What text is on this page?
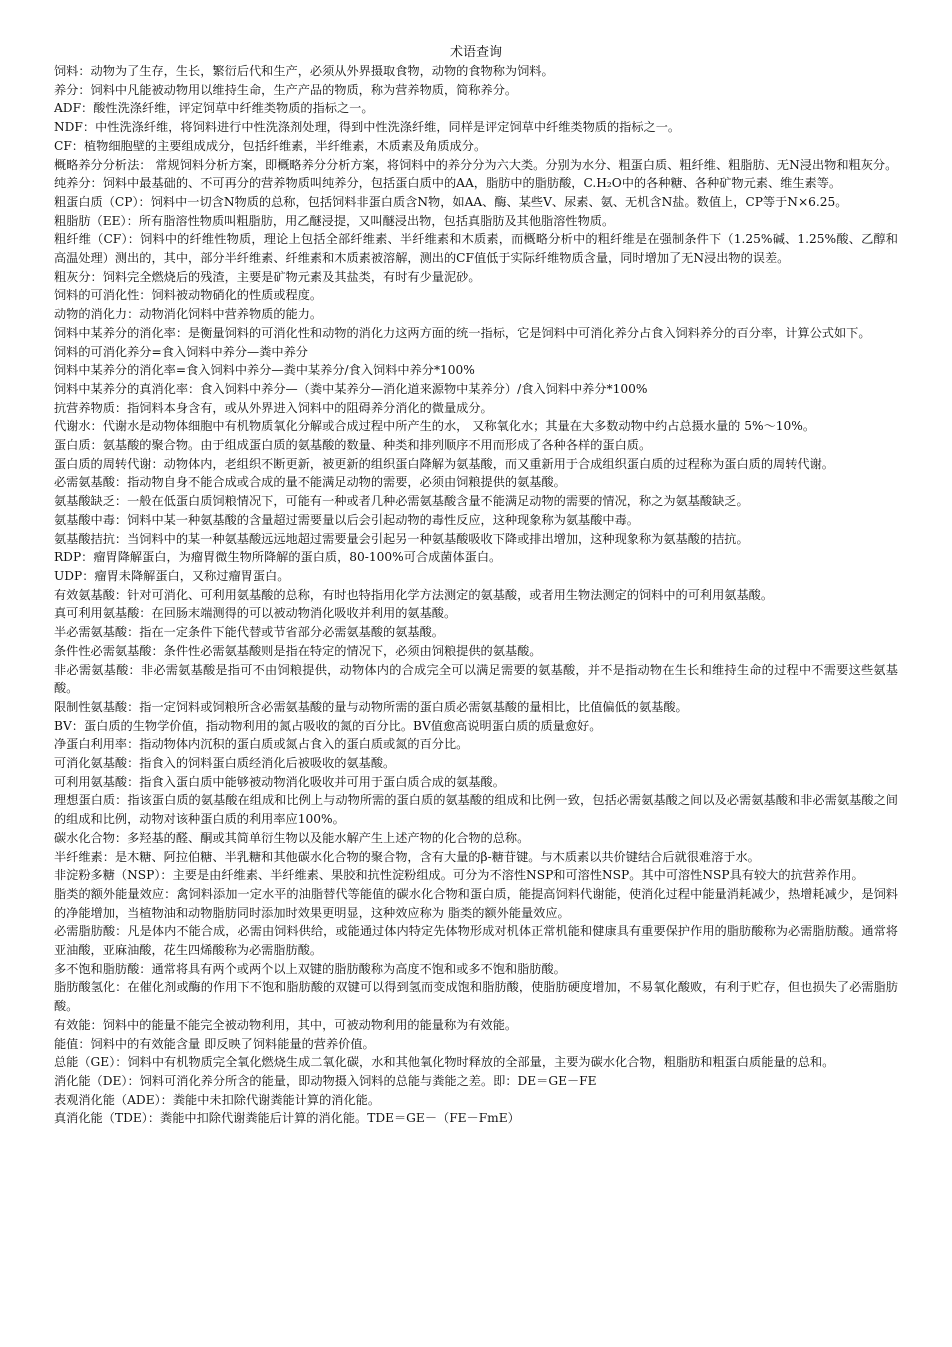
术语查询

饲料：动物为了生存，生长，繁衍后代和生产，必须从外界摄取食物，动物的食物称为饲料。

养分：饲料中凡能被动物用以维持生命，生产产品的物质，称为营养物质，简称养分。

ADF：酸性洗涤纤维，评定饲草中纤维类物质的指标之一。

NDF：中性洗涤纤维，将饲料进行中性洗涤剂处理，得到中性洗涤纤维，同样是评定饲草中纤维类物质的指标之一。

CF：植物细胞壁的主要组成成分，包括纤维素，半纤维素，木质素及角质成分。

概略养分分析法： 常规饲料分析方案，即概略养分分析方案，将饲料中的养分分为六大类。分别为水分、粗蛋白质、粗纤维、粗脂肪、无N浸出物和粗灰分。

纯养分：饲料中最基础的、不可再分的营养物质叫纯养分，包括蛋白质中的AA，脂肪中的脂肪酸，C.H₂O中的各种糖、各种矿物元素、维生素等。

粗蛋白质（CP）：饲料中一切含N物质的总称，包括饲料非蛋白质含N物，如AA、酶、某些V、尿素、氨、无机含N盐。数值上，CP等于N×6.25。

粗脂肪（EE）：所有脂溶性物质叫粗脂肪，用乙醚浸提，又叫醚浸出物，包括真脂肪及其他脂溶性物质。

粗纤维（CF）：饲料中的纤维性物质，理论上包括全部纤维素、半纤维素和木质素，而概略分析中的粗纤维是在强制条件下（1.25%碱、1.25%酸、乙醇和高温处理）测出的，其中，部分半纤维素、纤维素和木质素被溶解，测出的CF值低于实际纤维物质含量，同时增加了无N浸出物的误差。

粗灰分：饲料完全燃烧后的残渣，主要是矿物元素及其盐类，有时有少量泥砂。

饲料的可消化性：饲料被动物硝化的性质或程度。

动物的消化力：动物消化饲料中营养物质的能力。

饲料中某养分的消化率：是衡量饲料的可消化性和动物的消化力这两方面的统一指标，它是饲料中可消化养分占食入饲料养分的百分率，计算公式如下。

饲料的可消化养分=食入饲料中养分—粪中养分

饲料中某养分的消化率=食入饲料中养分—粪中某养分/食入饲料中养分*100%

饲料中某养分的真消化率：食入饲料中养分—（粪中某养分—消化道来源物中某养分）/食入饲料中养分*100%

抗营养物质：指饲料本身含有，或从外界进入饲料中的阻碍养分消化的微量成分。

代谢水：代谢水是动物体细胞中有机物质氧化分解或合成过程中所产生的水， 又称氧化水；其量在大多数动物中约占总摄水量的 5%～10%。

蛋白质：氨基酸的聚合物。由于组成蛋白质的氨基酸的数量、种类和排列顺序不用而形成了各种各样的蛋白质。

蛋白质的周转代谢：动物体内，老组织不断更新，被更新的组织蛋白降解为氨基酸，而又重新用于合成组织蛋白质的过程称为蛋白质的周转代谢。

必需氨基酸：指动物自身不能合成或合成的量不能满足动物的需要，必须由饲粮提供的氨基酸。

氨基酸缺乏：一般在低蛋白质饲粮情况下，可能有一种或者几种必需氨基酸含量不能满足动物的需要的情况，称之为氨基酸缺乏。

氨基酸中毒：饲料中某一种氨基酸的含量超过需要量以后会引起动物的毒性反应，这种现象称为氨基酸中毒。

氨基酸拮抗：当饲料中的某一种氨基酸远远地超过需要量会引起另一种氨基酸吸收下降或排出增加，这种现象称为氨基酸的拮抗。

RDP：瘤胃降解蛋白，为瘤胃微生物所降解的蛋白质，80-100%可合成菌体蛋白。

UDP：瘤胃未降解蛋白，又称过瘤胃蛋白。

有效氨基酸：针对可消化、可利用氨基酸的总称，有时也特指用化学方法测定的氨基酸，或者用生物法测定的饲料中的可利用氨基酸。

真可利用氨基酸：在回肠末端测得的可以被动物消化吸收并利用的氨基酸。

半必需氨基酸：指在一定条件下能代替或节省部分必需氨基酸的氨基酸。

条件性必需氨基酸：条件性必需氨基酸则是指在特定的情况下，必须由饲粮提供的氨基酸。

非必需氨基酸：非必需氨基酸是指可不由饲粮提供，动物体内的合成完全可以满足需要的氨基酸，并不是指动物在生长和维持生命的过程中不需要这些氨基酸。

限制性氨基酸：指一定饲料或饲粮所含必需氨基酸的量与动物所需的蛋白质必需氨基酸的量相比，比值偏低的氨基酸。

BV：蛋白质的生物学价值，指动物利用的氮占吸收的氮的百分比。BV值愈高说明蛋白质的质量愈好。

净蛋白利用率：指动物体内沉积的蛋白质或氮占食入的蛋白质或氮的百分比。

可消化氨基酸：指食入的饲料蛋白质经消化后被吸收的氨基酸。

可利用氨基酸：指食入蛋白质中能够被动物消化吸收并可用于蛋白质合成的氨基酸。

理想蛋白质：指该蛋白质的氨基酸在组成和比例上与动物所需的蛋白质的氨基酸的组成和比例一致，包括必需氨基酸之间以及必需氨基酸和非必需氨基酸之间的组成和比例，动物对该种蛋白质的利用率应100%。

碳水化合物：多羟基的醛、酮或其简单衍生物以及能水解产生上述产物的化合物的总称。

半纤维素：是木糖、阿拉伯糖、半乳糖和其他碳水化合物的聚合物，含有大量的β-糖苷键。与木质素以共价键结合后就很难溶于水。

非淀粉多糖（NSP）：主要是由纤维素、半纤维素、果胶和抗性淀粉组成。可分为不溶性NSP和可溶性NSP。其中可溶性NSP具有较大的抗营养作用。

脂类的额外能量效应：禽饲料添加一定水平的油脂替代等能值的碳水化合物和蛋白质，能提高饲料代谢能，使消化过程中能量消耗减少，热增耗减少，是饲料的净能增加，当植物油和动物脂肪同时添加时效果更明显，这种效应称为 脂类的额外能量效应。

必需脂肪酸：凡是体内不能合成，必需由饲料供给，或能通过体内特定先体物形成对机体正常机能和健康具有重要保护作用的脂肪酸称为必需脂肪酸。通常将亚油酸，亚麻油酸，花生四烯酸称为必需脂肪酸。

多不饱和脂肪酸：通常将具有两个或两个以上双键的脂肪酸称为高度不饱和或多不饱和脂肪酸。

脂肪酸氢化：在催化剂或酶的作用下不饱和脂肪酸的双键可以得到氢而变成饱和脂肪酸，使脂肪硬度增加，不易氧化酸败，有利于贮存，但也损失了必需脂肪酸。

有效能：饲料中的能量不能完全被动物利用，其中，可被动物利用的能量称为有效能。

能值：饲料中的有效能含量 即反映了饲料能量的营养价值。

总能（GE）：饲料中有机物质完全氧化燃烧生成二氧化碳，水和其他氧化物时释放的全部量，主要为碳水化合物，粗脂肪和粗蛋白质能量的总和。

消化能（DE）：饲料可消化养分所含的能量，即动物摄入饲料的总能与粪能之差。即：DE＝GE－FE

表观消化能（ADE）：粪能中未扣除代谢粪能计算的消化能。

真消化能（TDE）：粪能中扣除代谢粪能后计算的消化能。TDE＝GE－（FE－FmE）
